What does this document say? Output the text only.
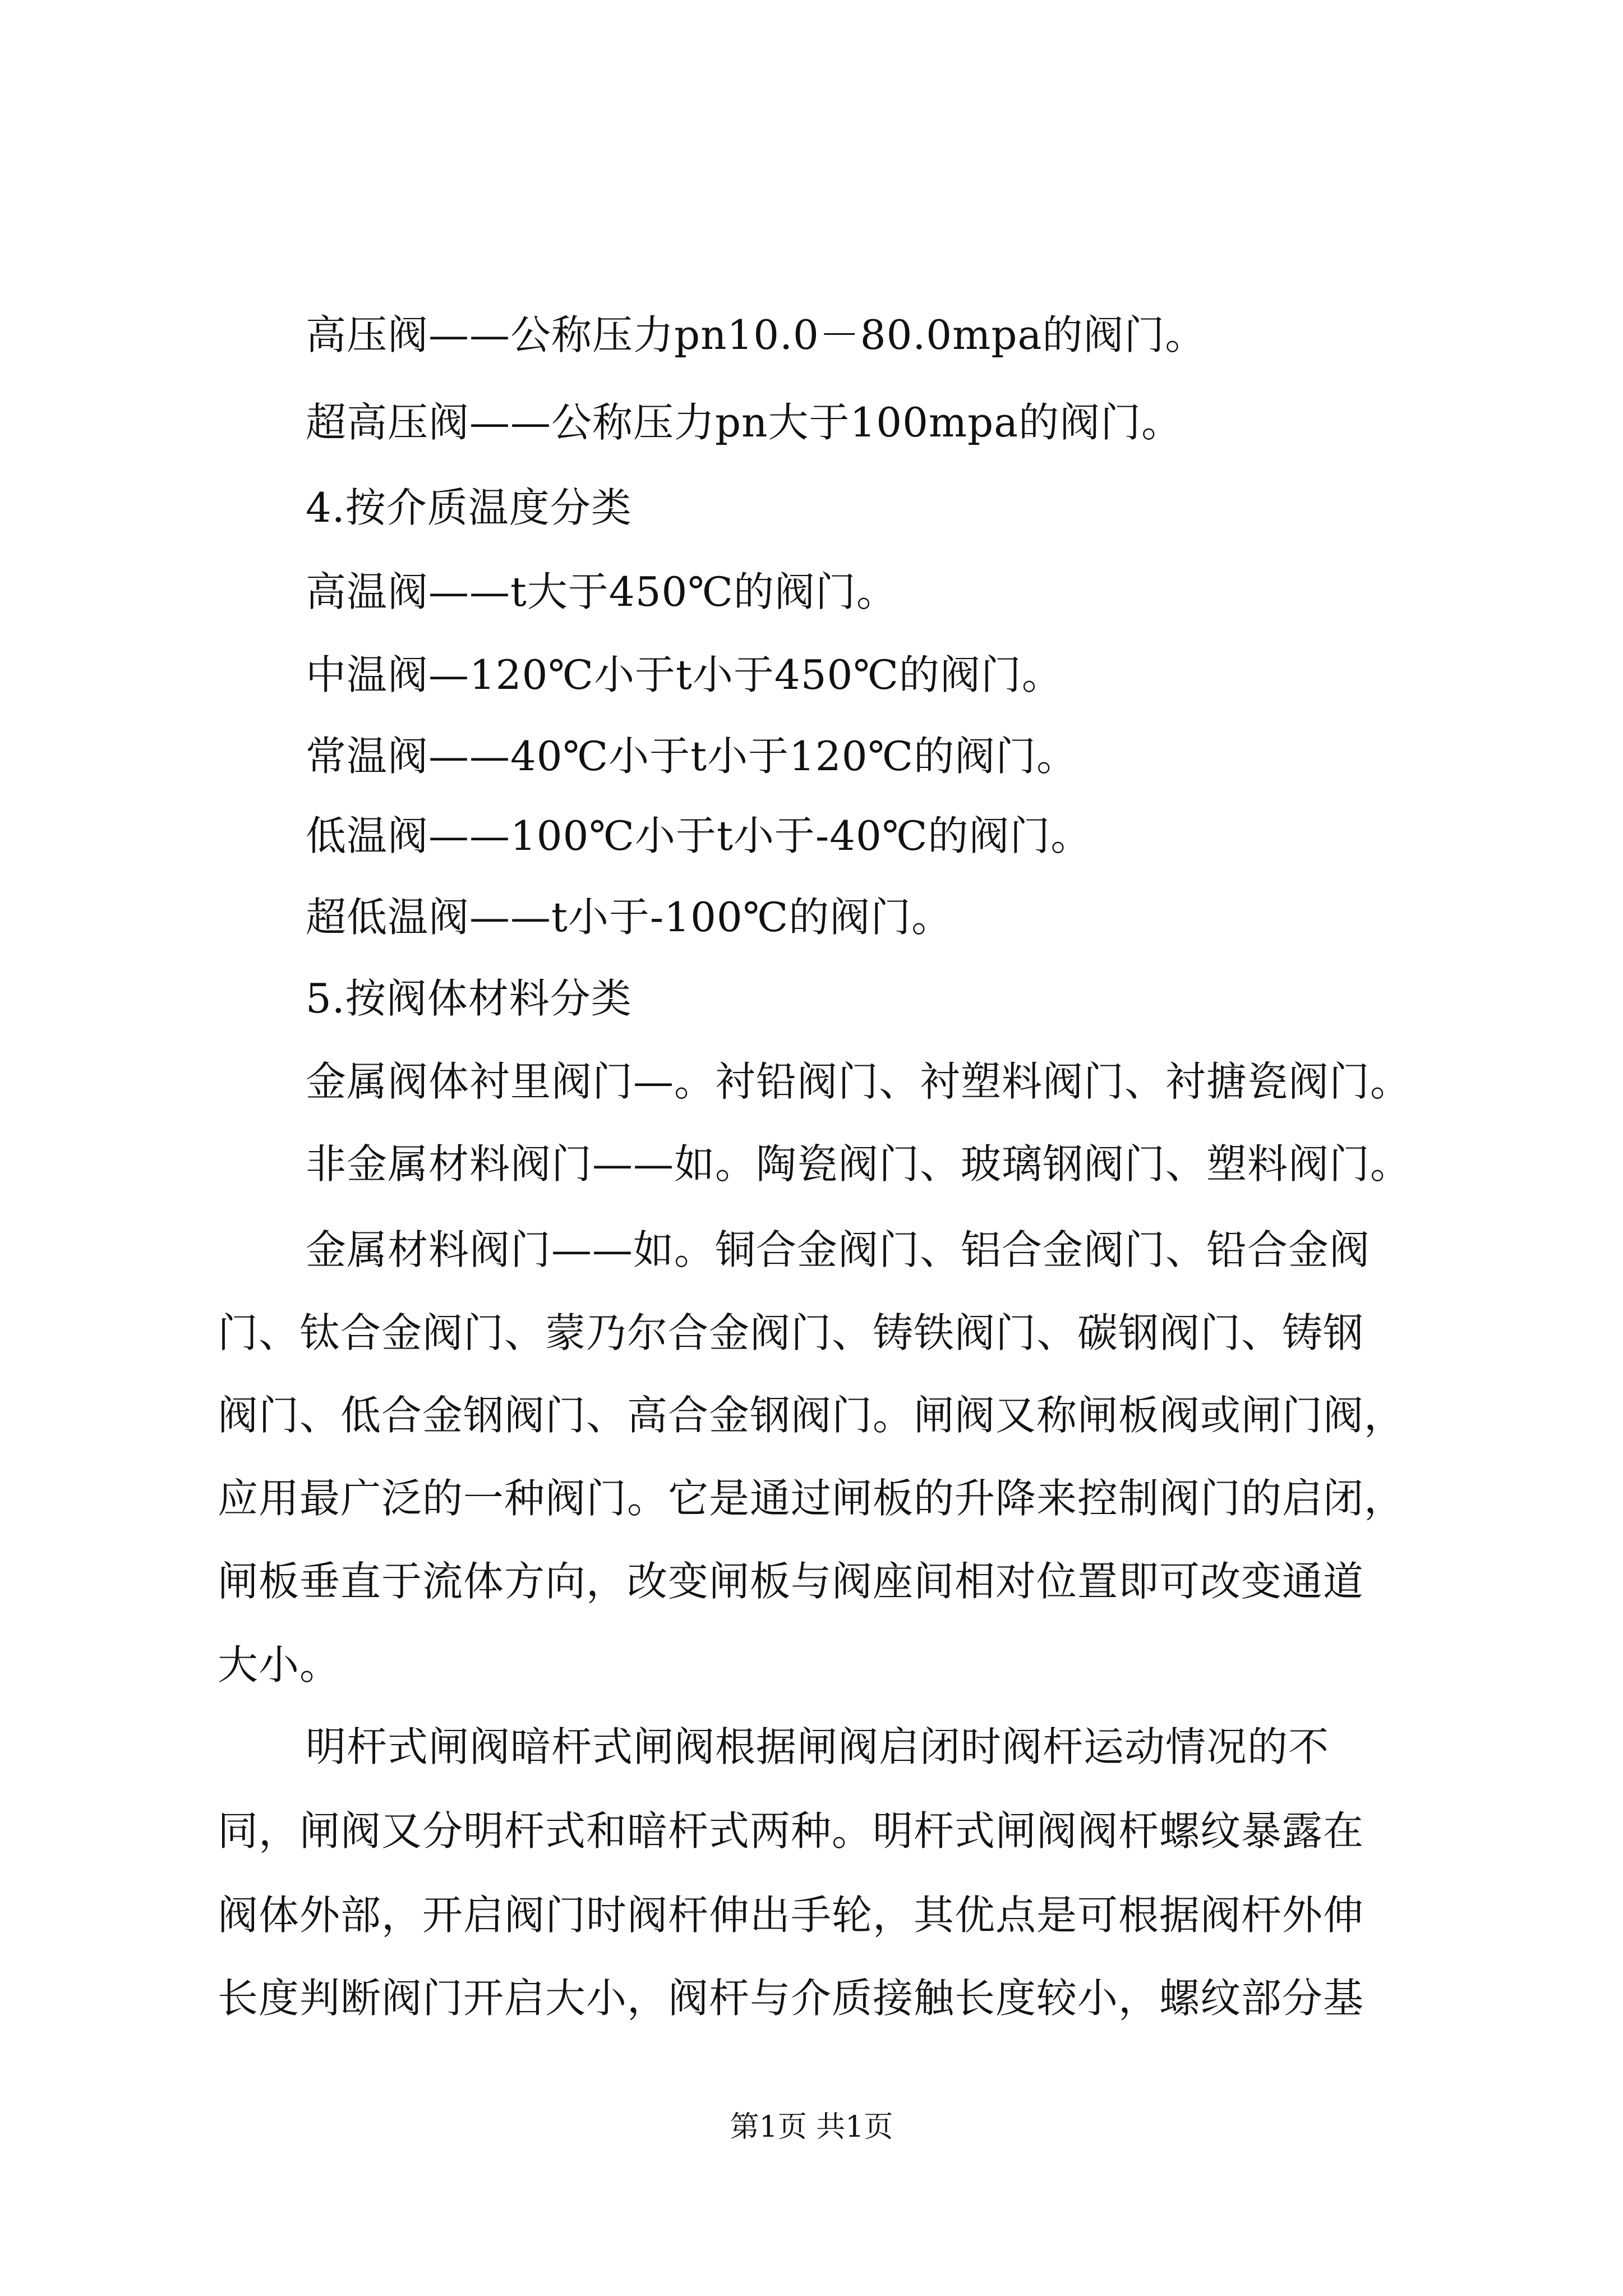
高压阀——公称压力pn10.0－80.0mpa的阀门。
超高压阀——公称压力pn大于100mpa的阀门。
4.按介质温度分类
高温阀——t大于450℃的阀门。
中温阀—120℃小于t小于450℃的阀门。
常温阀——40℃小于t小于120℃的阀门。
低温阀——100℃小于t小于-40℃的阀门。
超低温阀——t小于-100℃的阀门。
5.按阀体材料分类
金属阀体衬里阀门—。衬铅阀门、衬塑料阀门、衬搪瓷阀门。
非金属材料阀门——如。陶瓷阀门、玻璃钢阀门、塑料阀门。
金属材料阀门——如。铜合金阀门、铝合金阀门、铅合金阀
门、钛合金阀门、蒙乃尔合金阀门、铸铁阀门、碳钢阀门、铸钢
阀门、低合金钢阀门、高合金钢阀门。闸阀又称闸板阀或闸门阀，
应用最广泛的一种阀门。它是通过闸板的升降来控制阀门的启闭，
闸板垂直于流体方向，改变闸板与阀座间相对位置即可改变通道
大小。
明杆式闸阀暗杆式闸阀根据闸阀启闭时阀杆运动情况的不
同，闸阀又分明杆式和暗杆式两种。明杆式闸阀阀杆螺纹暴露在
阀体外部，开启阀门时阀杆伸出手轮，其优点是可根据阀杆外伸
长度判断阀门开启大小，阀杆与介质接触长度较小，螺纹部分基
第1页 共1页
